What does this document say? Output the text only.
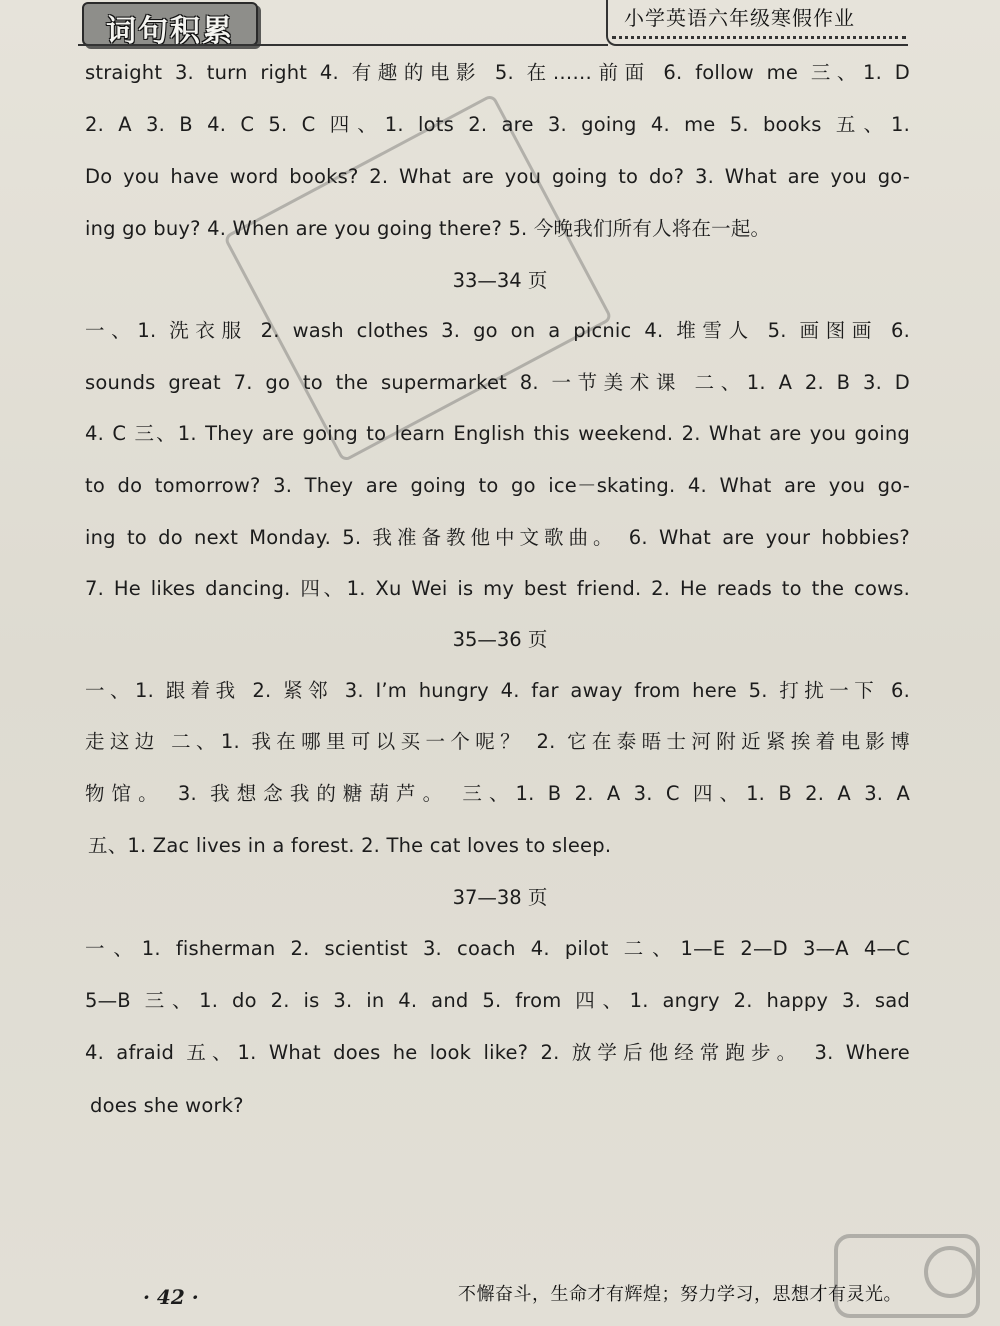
词句积累	小学英语六年级寒假作业
straight 3. turn right 4. 有趣的电影 5. 在……前面 6. follow me 三、1. D
2. A 3. B 4. C 5. C 四、1. lots 2. are 3. going 4. me 5. books 五、1.
Do you have word books? 2. What are you going to do? 3. What are you go-
ing go buy? 4. When are you going there? 5. 今晚我们所有人将在一起。
33—34 页
一、1. 洗衣服 2. wash clothes 3. go on a picnic 4. 堆雪人 5. 画图画 6.
sounds great 7. go to the supermarket 8. 一节美术课 二、1. A 2. B 3. D
4. C 三、1. They are going to learn English this weekend. 2. What are you going
to do tomorrow? 3. They are going to go ice－skating. 4. What are you go-
ing to do next Monday. 5. 我准备教他中文歌曲。 6. What are your hobbies?
7. He likes dancing. 四、1. Xu Wei is my best friend. 2. He reads to the cows.
35—36 页
一、1. 跟着我 2. 紧邻 3. I’m hungry 4. far away from here 5. 打扰一下 6.
走这边 二、1. 我在哪里可以买一个呢？ 2. 它在泰晤士河附近紧挨着电影博
物馆。 3. 我想念我的糖葫芦。 三、1. B 2. A 3. C 四、1. B 2. A 3. A
五、1. Zac lives in a forest. 2. The cat loves to sleep.
37—38 页
一、1. fisherman 2. scientist 3. coach 4. pilot 二、1—E 2—D 3—A 4—C
5—B 三、1. do 2. is 3. in 4. and 5. from 四、1. angry 2. happy 3. sad
4. afraid 五、1. What does he look like? 2. 放学后他经常跑步。 3. Where
does she work?
· 42 ·	不懈奋斗，生命才有辉煌；努力学习，思想才有灵光。
